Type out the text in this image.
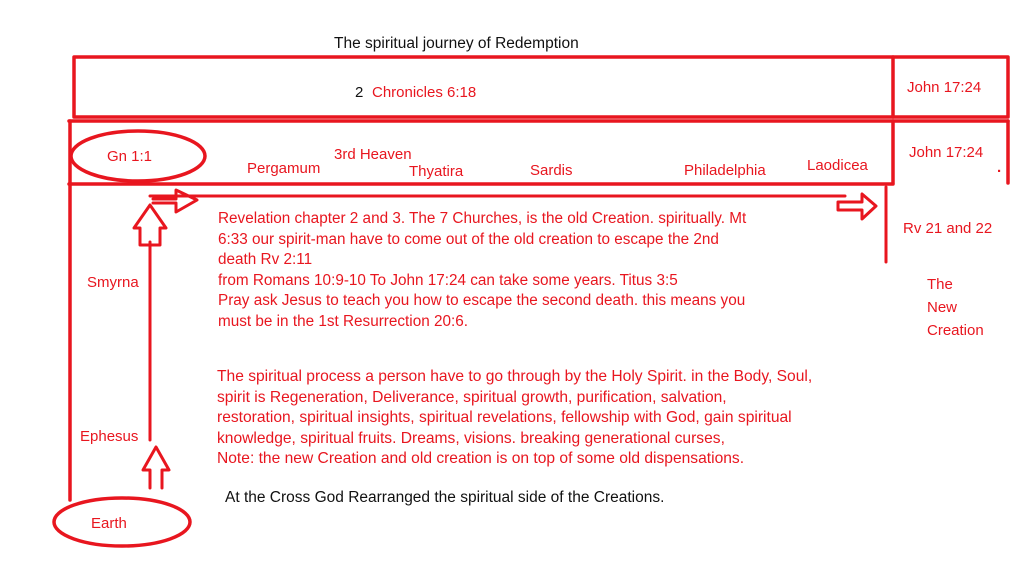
The spiritual journey of Redemption
2 Chronicles 6:18	John 17:24
Gn 1:1	3rd Heaven
Pergamum	Thyatira	Sardis	Philadelphia	Laodicea
John 17:24
.
Smyrna
Ephesus
Earth
Rv 21 and 22
The
New
Creation
Revelation chapter 2 and 3. The 7 Churches, is the old Creation. spiritually. Mt
6:33 our spirit-man have to come out of the old creation to escape the 2nd
death Rv 2:11
from Romans 10:9-10 To John 17:24 can take some years. Titus 3:5
Pray ask Jesus to teach you how to escape the second death. this means you
must be in the 1st Resurrection 20:6.
The spiritual process a person have to go through by the Holy Spirit. in the Body, Soul,
spirit is Regeneration, Deliverance, spiritual growth, purification, salvation,
restoration, spiritual insights, spiritual revelations, fellowship with God, gain spiritual
knowledge, spiritual fruits. Dreams, visions. breaking generational curses,
Note: the new Creation and old creation is on top of some old dispensations.
At the Cross God Rearranged the spiritual side of the Creations.
